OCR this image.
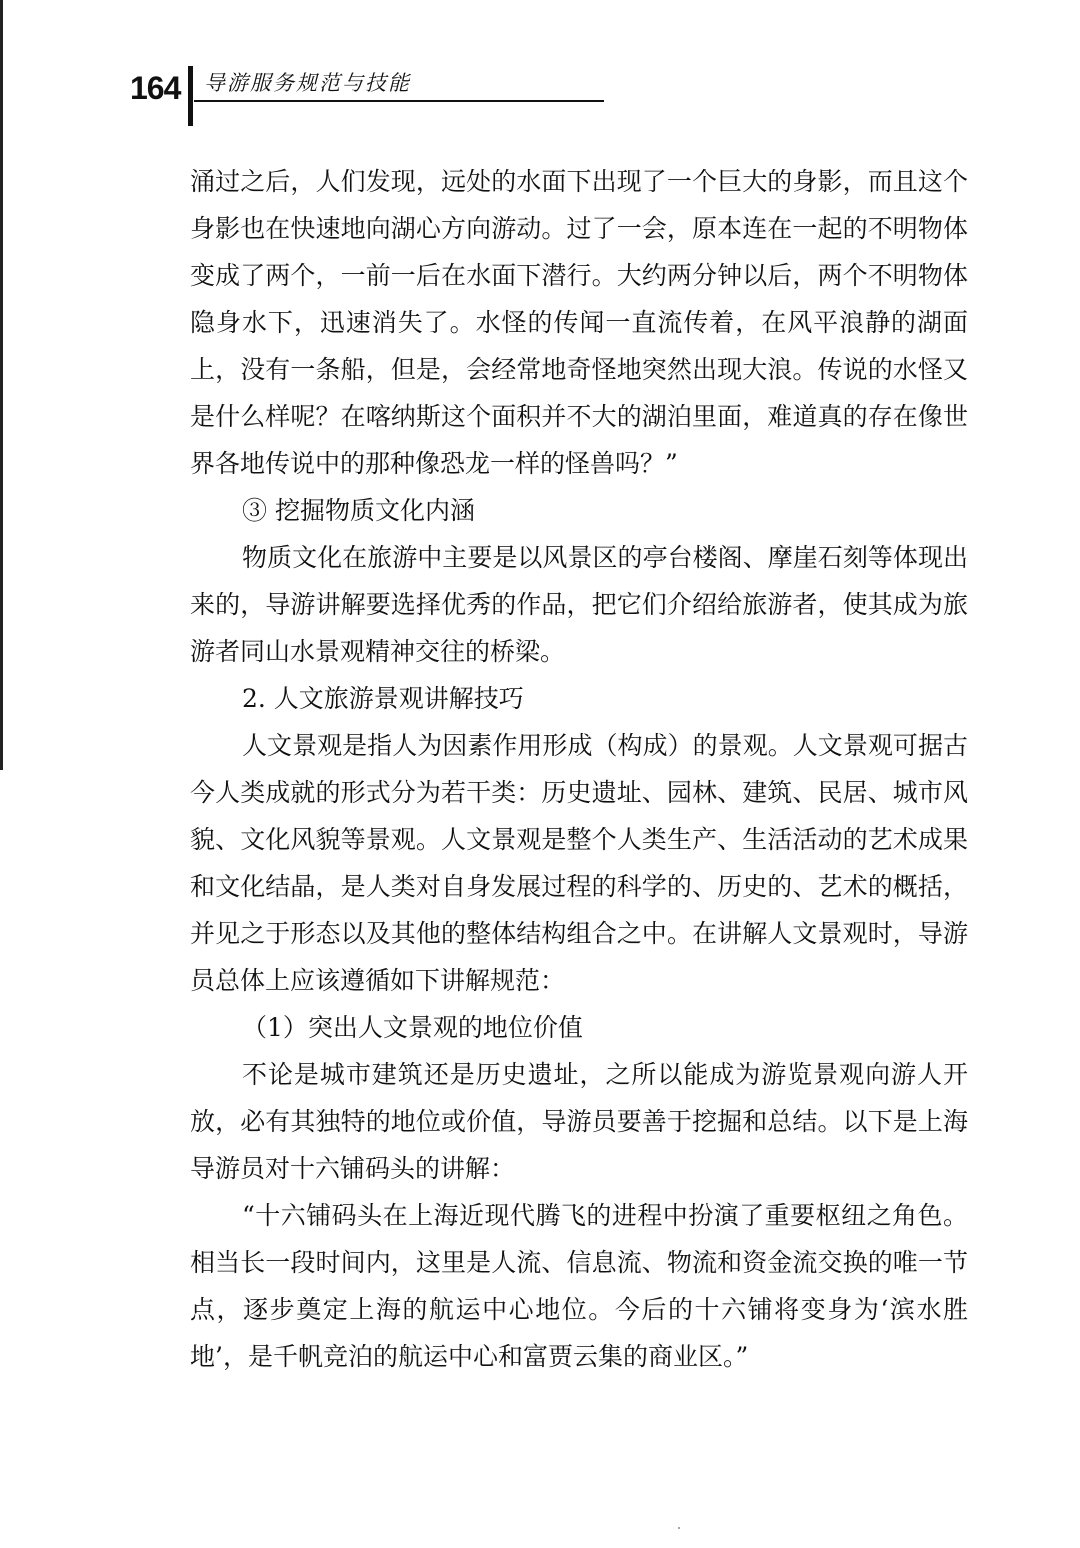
164 导游服务规范与技能

涌过之后，人们发现，远处的水面下出现了一个巨大的身影，而且这个身影也在快速地向湖心方向游动。过了一会，原本连在一起的不明物体变成了两个，一前一后在水面下潜行。大约两分钟以后，两个不明物体隐身水下，迅速消失了。水怪的传闻一直流传着，在风平浪静的湖面上，没有一条船，但是，会经常地奇怪地突然出现大浪。传说的水怪又是什么样呢？在喀纳斯这个面积并不大的湖泊里面，难道真的存在像世界各地传说中的那种像恐龙一样的怪兽吗？”

③ 挖掘物质文化内涵

物质文化在旅游中主要是以风景区的亭台楼阁、摩崖石刻等体现出来的，导游讲解要选择优秀的作品，把它们介绍给旅游者，使其成为旅游者同山水景观精神交往的桥梁。

2. 人文旅游景观讲解技巧

人文景观是指人为因素作用形成（构成）的景观。人文景观可据古今人类成就的形式分为若干类：历史遗址、园林、建筑、民居、城市风貌、文化风貌等景观。人文景观是整个人类生产、生活活动的艺术成果和文化结晶，是人类对自身发展过程的科学的、历史的、艺术的概括，并见之于形态以及其他的整体结构组合之中。在讲解人文景观时，导游员总体上应该遵循如下讲解规范：

（1）突出人文景观的地位价值

不论是城市建筑还是历史遗址，之所以能成为游览景观向游人开放，必有其独特的地位或价值，导游员要善于挖掘和总结。以下是上海导游员对十六铺码头的讲解：

“十六铺码头在上海近现代腾飞的进程中扮演了重要枢纽之角色。相当长一段时间内，这里是人流、信息流、物流和资金流交换的唯一节点，逐步奠定上海的航运中心地位。今后的十六铺将变身为‘滨水胜地’，是千帆竞泊的航运中心和富贾云集的商业区。”
